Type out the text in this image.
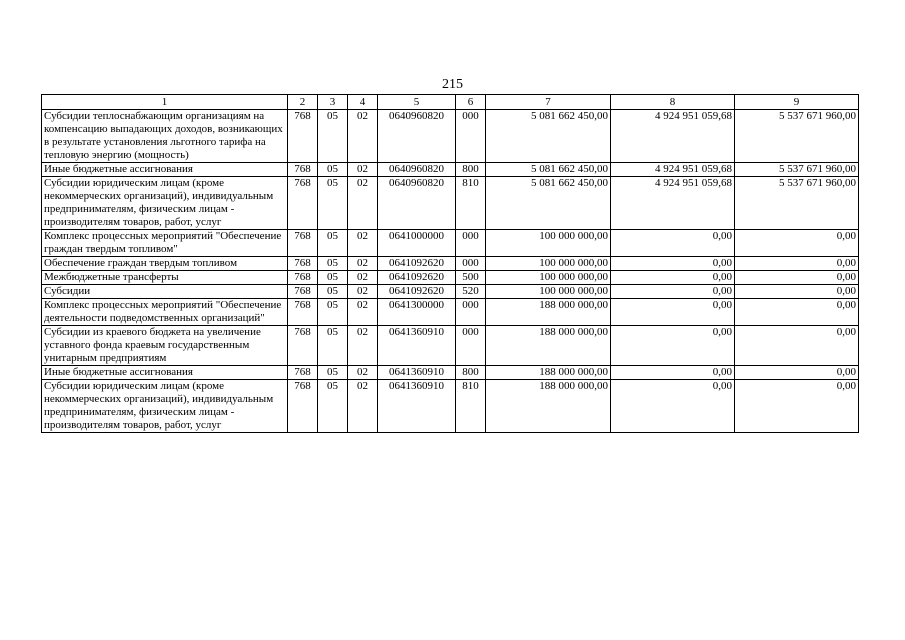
215
1	2	3	4	5	6	7	8	9
Субсидии теплоснабжающим организациям на компенсацию выпадающих доходов, возникающих в результате установления льготного тарифа на тепловую энергию (мощность)	768	05	02	0640960820	000	5 081 662 450,00	4 924 951 059,68	5 537 671 960,00
Иные бюджетные ассигнования	768	05	02	0640960820	800	5 081 662 450,00	4 924 951 059,68	5 537 671 960,00
Субсидии юридическим лицам (кроме некоммерческих организаций), индивидуальным предпринимателям, физическим лицам - производителям товаров, работ, услуг	768	05	02	0640960820	810	5 081 662 450,00	4 924 951 059,68	5 537 671 960,00
Комплекс процессных мероприятий "Обеспечение граждан твердым топливом"	768	05	02	0641000000	000	100 000 000,00	0,00	0,00
Обеспечение граждан твердым топливом	768	05	02	0641092620	000	100 000 000,00	0,00	0,00
Межбюджетные трансферты	768	05	02	0641092620	500	100 000 000,00	0,00	0,00
Субсидии	768	05	02	0641092620	520	100 000 000,00	0,00	0,00
Комплекс процессных мероприятий "Обеспечение деятельности подведомственных организаций"	768	05	02	0641300000	000	188 000 000,00	0,00	0,00
Субсидии из краевого бюджета на увеличение уставного фонда краевым государственным унитарным предприятиям	768	05	02	0641360910	000	188 000 000,00	0,00	0,00
Иные бюджетные ассигнования	768	05	02	0641360910	800	188 000 000,00	0,00	0,00
Субсидии юридическим лицам (кроме некоммерческих организаций), индивидуальным предпринимателям, физическим лицам - производителям товаров, работ, услуг	768	05	02	0641360910	810	188 000 000,00	0,00	0,00
